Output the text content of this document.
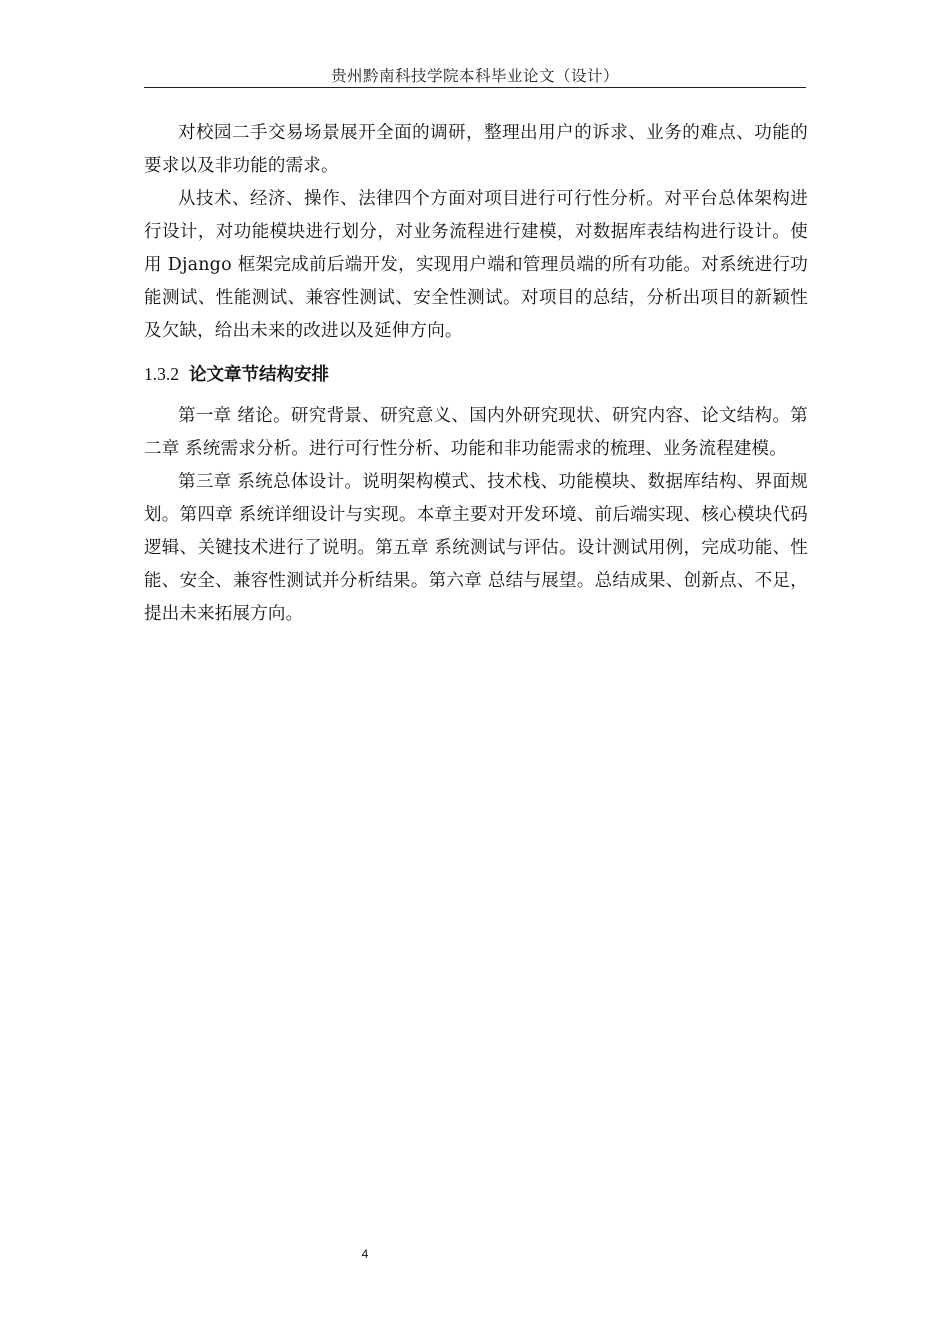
贵州黔南科技学院本科毕业论文（设计）

对校园二手交易场景展开全面的调研，整理出用户的诉求、业务的难点、功能的要求以及非功能的需求。

从技术、经济、操作、法律四个方面对项目进行可行性分析。对平台总体架构进行设计，对功能模块进行划分，对业务流程进行建模，对数据库表结构进行设计。使用 Django 框架完成前后端开发，实现用户端和管理员端的所有功能。对系统进行功能测试、性能测试、兼容性测试、安全性测试。对项目的总结，分析出项目的新颖性及欠缺，给出未来的改进以及延伸方向。

1.3.2 论文章节结构安排

第一章 绪论。研究背景、研究意义、国内外研究现状、研究内容、论文结构。第二章 系统需求分析。进行可行性分析、功能和非功能需求的梳理、业务流程建模。

第三章 系统总体设计。说明架构模式、技术栈、功能模块、数据库结构、界面规划。第四章 系统详细设计与实现。本章主要对开发环境、前后端实现、核心模块代码逻辑、关键技术进行了说明。第五章 系统测试与评估。设计测试用例，完成功能、性能、安全、兼容性测试并分析结果。第六章 总结与展望。总结成果、创新点、不足，提出未来拓展方向。

4
